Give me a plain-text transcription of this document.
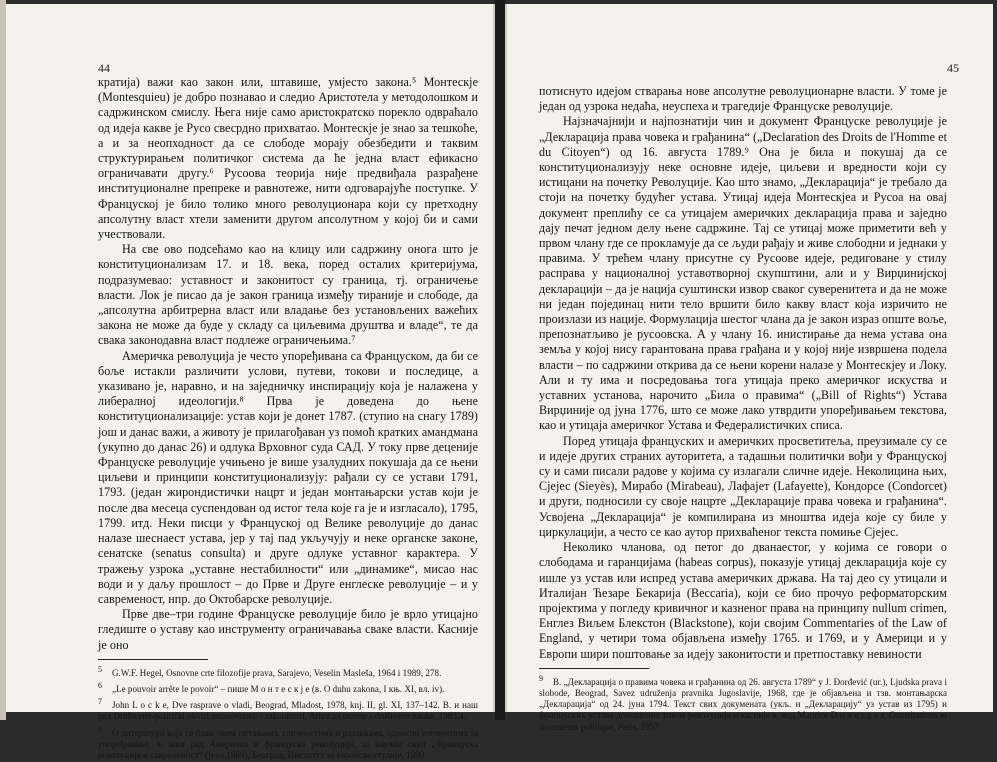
44

кратија) важи као закон или, штавише, умјесто закона.⁵ Монтескје (Montesquieu) је добро познавао и следио Аристотела у методолошком и садржинском смислу. Њега није само аристократско порекло одвраћало од идеја какве је Русо свесрдно прихватао. Монтескје је знао за тешкоће, а и за неопходност да се слободе морају обезбедити и таквим структурирањем политичког система да ће једна власт ефикасно ограничавати другу.⁶ Русоова теорија није предвиђала разрађене институционалне препреке и равнотеже, нити одговарајуће поступке. У Француској је било толико много револуционара који су претходну апсолутну власт хтели заменити другом апсолутном у којој би и сами учествовали.

На све ово подсећамо као на клицу или садржину онога што је конституционализам 17. и 18. века, поред осталих критеријума, подразумевао: уставност и законитост су граница, тј. ограничење власти. Лок је писао да је закон граница између тираније и слободе, да „апсолутна арбитрерна власт или владање без установљених важећих закона не може да буде у складу са циљевима друштва и владе“, те да свака законодавна власт подлеже ограничењима.⁷

Америчка револуција је често упоређивана са Француском, да би се боље истакли различити услови, путеви, токови и последице, а указивано је, наравно, и на заједничку инспирацију која је налажена у либералној идеологији.⁸ Прва је доведена до њене конституционализације: устав који је донет 1787. (ступио на снагу 1789) још и данас важи, а животу је прилагођаван уз помоћ кратких амандмана (укупно до данас 26) и одлука Врховног суда САД. У току прве деценије Француске револуције учињено је више узалудних покушаја да се њени циљеви и принципи конституционализују: рађали су се устави 1791, 1793. (један жирондистички нацрт и један монтањарски устав који је после два месеца суспендован од истог тела које га је и изгласало), 1795, 1799. итд. Неки писци у Француској од Велике револуције до данас налазе шеснаест устава, јер у тај пад укључују и неке органске законе, сенатске (senatus consulta) и друге одлуке уставног карактера. У тражењу узрока „уставне нестабилности“ или „динамике“, мисао нас води и у даљу прошлост – до Прве и Друге енглеске револуције – и у савременост, нпр. до Октобарске револуције.

Прве две–три године Француске револуције било је врло утицајно гледиште о уставу као инструменту ограничавања сваке власти. Касније је оно

5 G.W.F. Hegel, Osnovne crte filozofije prava, Sarajevo, Veselin Masleša, 1964 i 1989, 278.

6 „Le pouvoir arrête le povoir“ – пише М о н т е с к j е (в. O duhu zakona, I књ. XI, вл. iv).

7 John L o c k e, Dve rasprave o vladi, Beograd, Mladost, 1978, knj. II, gl. XI, 137–142. В. и наш рад Društveno-politički okviri ustanovnosti i zakonitosti, Arhiv za pravne i društvene nauke, 1983,4.

8 О литератури која се бави овим питањима, сличностима и разликама, односно елементима за упоређивање, в. наш рад Америчка и француска револуција, за научни скуп „Француска револуција и савременост“ (јуна 1989), Београд, Институт за европске студије, 1990.

45

потиснуто идејом стварања нове апсолутне револуционарне власти. У томе је један од узрока недаћа, неуспеха и трагедије Француске револуције.

Најзначајнији и најпознатији чин и документ Француске револуције је „Декларација права човека и грађанина“ („Declaration des Droits de l'Homme et du Citoyen“) од 16. августа 1789.⁹ Она је била и покушај да се конституционализују неке основне идеје, циљеви и вредности који су истицани на почетку Револуције. Као што знамо, „Декларација“ је требало да стоји на почетку будућег устава. Утицај идеја Монтескјеа и Русоа на овај документ преплићу се са утицајем америчких декларација права и заједно дају печат једном делу њене садржине. Тај се утицај може приметити већ у првом члану где се прокламује да се људи рађају и живе слободни и једнаки у правима. У трећем члану присутне су Русоове идеје, редиговане у стилу расправа у националној уставотворној скупштини, али и у Вирџинијској декларацији – да је нација суштински извор сваког суверенитета и да не може ни један појединац нити тело вршити било какву власт која изричито не произлази из нације. Формулација шестог члана да је закон израз опште воље, препознатљиво је русоовска. А у члану 16. инистирање да нема устава она земља у којој нису гарантована права грађана и у којој није извршена подела власти – по садржини открива да се њени корени налазе у Монтескјеу и Локу. Али и ту има и посредовања тога утицаја преко америчког искуства и уставних установа, нарочито „Била о правима“ („Bill of Rights“) Устава Вирџиније од јуна 1776, што се може лако утврдити упоређивањем текстова, као и утицаја америчког Устава и Федералистичких списа.

Поред утицаја француских и америчких просветитеља, преузимале су се и идеје других страних ауторитета, а тадашњи политички вођи у Француској су и сами писали радове у којима су излагали сличне идеје. Неколицина њих, Сјејес (Sieyès), Мирабо (Mirabeau), Лафајет (Lafayette), Кондорсе (Condorcet) и други, подносили су своје нацрте „Декларације права човека и грађанина“. Усвојена „Декларација“ је компилирана из мноштва идеја које су биле у циркулацији, а често се као аутор прихваћеног текста помиње Сјејес.

Неколико чланова, од петог до дванаестог, у којима се говори о слободама и гаранцијама (habeas corpus), показује утицај декларација које су ишле уз устав или испред устава америчких држава. На тај део су утицали и Италијан Ћезаре Бекарија (Beccaria), који се био прочуо реформаторским пројектима у погледу кривичног и казненог права на принципу nullum crimen, Енглез Виљем Блекстон (Blackstone), који својим Commentaries of the Law of England, у четири тома објављена између 1765. и 1769, и у Америци и у Европи шири поштовање за идеју законитости и претпоставку невиности

9 В. „Декларација о правима човека и грађанина од 26. августа 1789“ у J. Đorđević (ur.), Ljudska prava i slobode, Beograd, Savez udruženja pravnika Jugoslavije, 1968, где је објављена и тзв. монтањарска „Декларација“ од 24. јуна 1794. Текст свих докумената (укљ. и „Декларацију“ уз устав из 1795) и француских устава доношених током револуције и касније в. код Maurice D u v e r g e r, Constitutions et documents politique, Paris, 1957.
